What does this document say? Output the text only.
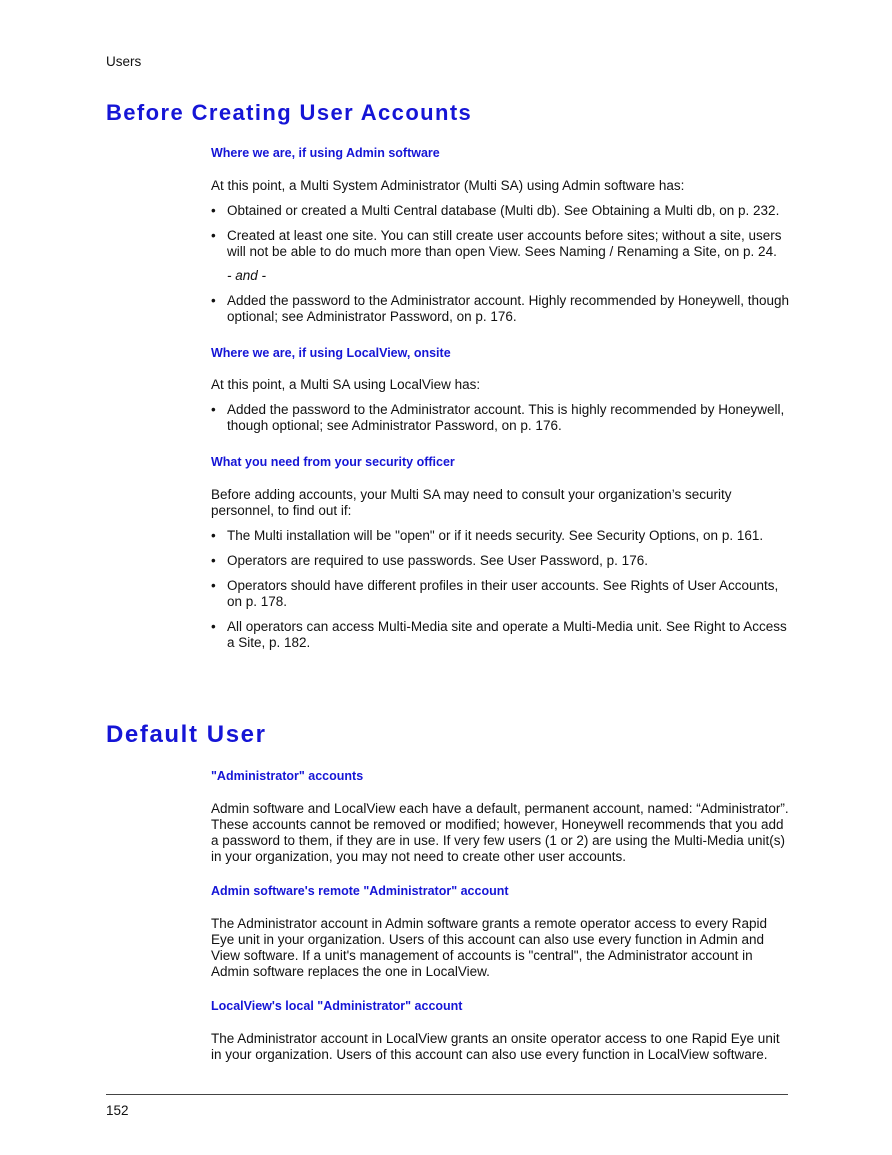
Users
Before Creating User Accounts
Where we are, if using Admin software
At this point, a Multi System Administrator (Multi SA) using Admin software has:
• Obtained or created a Multi Central database (Multi db). See Obtaining a Multi db, on p. 232.
• Created at least one site. You can still create user accounts before sites; without a site, users will not be able to do much more than open View. Sees Naming / Renaming a Site, on p. 24.
- and -
• Added the password to the Administrator account. Highly recommended by Honeywell, though optional; see Administrator Password, on p. 176.
Where we are, if using LocalView, onsite
At this point, a Multi SA using LocalView has:
• Added the password to the Administrator account. This is highly recommended by Honeywell, though optional; see Administrator Password, on p. 176.
What you need from your security officer
Before adding accounts, your Multi SA may need to consult your organization’s security personnel, to find out if:
• The Multi installation will be "open" or if it needs security. See Security Options, on p. 161.
• Operators are required to use passwords. See User Password, p. 176.
• Operators should have different profiles in their user accounts. See Rights of User Accounts, on p. 178.
• All operators can access Multi-Media site and operate a Multi-Media unit. See Right to Access a Site, p. 182.
Default User
"Administrator" accounts
Admin software and LocalView each have a default, permanent account, named: “Administrator”. These accounts cannot be removed or modified; however, Honeywell recommends that you add a password to them, if they are in use. If very few users (1 or 2) are using the Multi-Media unit(s) in your organization, you may not need to create other user accounts.
Admin software's remote "Administrator" account
The Administrator account in Admin software grants a remote operator access to every Rapid Eye unit in your organization. Users of this account can also use every function in Admin and View software. If a unit's management of accounts is "central", the Administrator account in Admin software replaces the one in LocalView.
LocalView's local "Administrator" account
The Administrator account in LocalView grants an onsite operator access to one Rapid Eye unit in your organization. Users of this account can also use every function in LocalView software.
152
